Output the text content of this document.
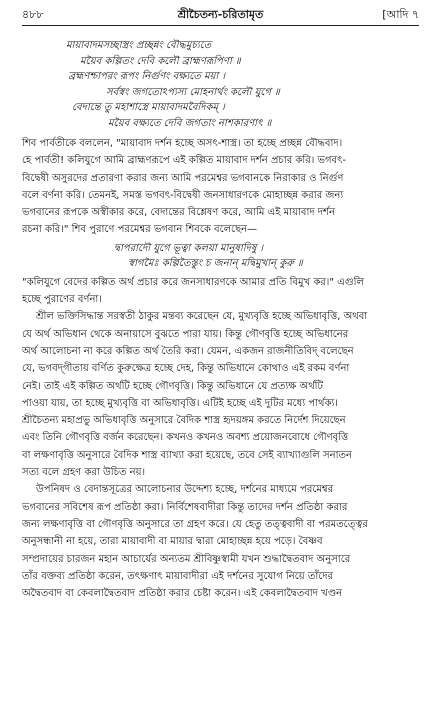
৪৮৮	শ্রীচৈতন্য-চরিতামৃত	[আদি ৭
মায়াবাদমসচ্ছাস্ত্রং প্রচ্ছন্নং বৌদ্ধমুচ্যতে
ময়ৈব কল্পিতং দেবি কলৌ ব্রাহ্মণরূপিণা ॥
ব্রহ্মণশ্চাপরং রূপং নির্গুণং বক্ষ্যতে ময়া ।
সর্বস্বং জগতোঽপ্যস্য মোহনার্থং কলৌ যুগে ॥
বেদান্তে তু মহাশাস্ত্রে মায়াবাদমবৈদিকম্ ।
ময়ৈব বক্ষ্যতে দেবি জগতাং নাশকারণাৎ ॥
শিব পার্বতীকে বললেন, "মায়াবাদ দর্শন হচ্ছে অসৎ-শাস্ত্র। তা হচ্ছে প্রচ্ছন্ন বৌদ্ধবাদ।
হে পার্বতী! কলিযুগে আমি ব্রাহ্মণরূপে এই কল্পিত মায়াবাদ দর্শন প্রচার করি। ভগবৎ-
বিদ্বেষী অসুরদের প্রতারণা করার জন্য আমি পরমেশ্বর ভগবানকে নিরাকার ও নির্গুণ
বলে বর্ণনা করি। তেমনই, সমস্ত ভগবৎ-বিদ্বেষী জনসাধারণকে মোহাচ্ছন্ন করার জন্য
ভগবানের রূপকে অস্বীকার করে, বেদান্তের বিশ্লেষণ করে, আমি এই মায়াবাদ দর্শন
রচনা করি।" শিব পুরাণে পরমেশ্বর ভগবান শিবকে বলেছেন—
দ্বাপরাদৌ যুগে ভূত্বা কলয়া মানুষাদিষু ।
স্বাগমৈঃ কল্পিতৈস্তুং চ জনান্ মদ্বিমুখান্ কুরু ॥
"কলিযুগে বেদের কল্পিত অর্থ প্রচার করে জনসাধারণকে আমার প্রতি বিমুখ কর।" এগুলি
হচ্ছে পুরাণের বর্ণনা।
শ্রীল ভক্তিসিদ্ধান্ত সরস্বতী ঠাকুর মন্তব্য করেছেন যে, মুখ্যবৃত্তি হচ্ছে অভিধাবৃত্তি, অথবা
যে অর্থ অভিধান থেকে অনায়াসে বুঝতে পারা যায়। কিন্তু গৌণবৃত্তি হচ্ছে অভিধানের
অর্থ আলোচনা না করে কল্পিত অর্থ তৈরি করা। যেমন, একজন রাজনীতিবিদ্ বলেছেন
যে, ভগবদ্‌গীতায় বর্ণিত কুরুক্ষেত্র হচ্ছে দেহ, কিন্তু অভিধানে কোথাও এই রকম বর্ণনা
নেই। তাই এই কল্পিত অর্থটি হচ্ছে গৌণবৃত্তি। কিন্তু অভিধানে যে প্রত্যক্ষ অর্থটি
পাওয়া যায়, তা হচ্ছে মুখ্যবৃত্তি বা অভিধাবৃত্তি। এটিই হচ্ছে এই দুটির মধ্যে পার্থক্য।
শ্রীচৈতন্য মহাপ্রভু অভিধাবৃত্তি অনুসারে বৈদিক শাস্ত্র হৃদয়ঙ্গম করতে নির্দেশ দিয়েছেন
এবং তিনি গৌণবৃত্তি বর্জন করেছেন। কখনও কখনও অবশ্য প্রয়োজনবোধে গৌণবৃত্তি
বা লক্ষণাবৃত্তি অনুসারে বৈদিক শাস্ত্র ব্যাখ্যা করা হয়েছে, তবে সেই ব্যাখ্যাগুলি সনাতন
সত্য বলে গ্রহণ করা উচিত নয়।
উপনিষদ ও বেদান্তসূত্রের আলোচনার উদ্দেশ্য হচ্ছে, দর্শনের মাধ্যমে পরমেশ্বর
ভগবানের সবিশেষ রূপ প্রতিষ্ঠা করা। নির্বিশেষবাদীরা কিন্তু তাদের দর্শন প্রতিষ্ঠা করার
জন্য লক্ষণাবৃত্তি বা গৌণবৃত্তি অনুসারে তা গ্রহণ করে। যে হেতু তত্ত্ববাদী বা পরমতত্ত্বের
অনুসন্ধানী না হয়ে, তারা মায়াবাদী বা মায়ার দ্বারা মোহাচ্ছন্ন হয়ে পড়ে। বৈষ্ণব
সম্প্রদায়ের চারজন মহান আচার্যের অন্যতম শ্রীবিষ্ণুস্বামী যখন শুদ্ধাদ্বৈতবাদ অনুসারে
তাঁর বক্তব্য প্রতিষ্ঠা করেন, তৎক্ষণাৎ মায়াবাদীরা এই দর্শনের সুযোগ নিয়ে তাঁদের
অদ্বৈতবাদ বা কেবলাদ্বৈতবাদ প্রতিষ্ঠা করার চেষ্টা করেন। এই কেবলাদ্বৈতবাদ খণ্ডন
